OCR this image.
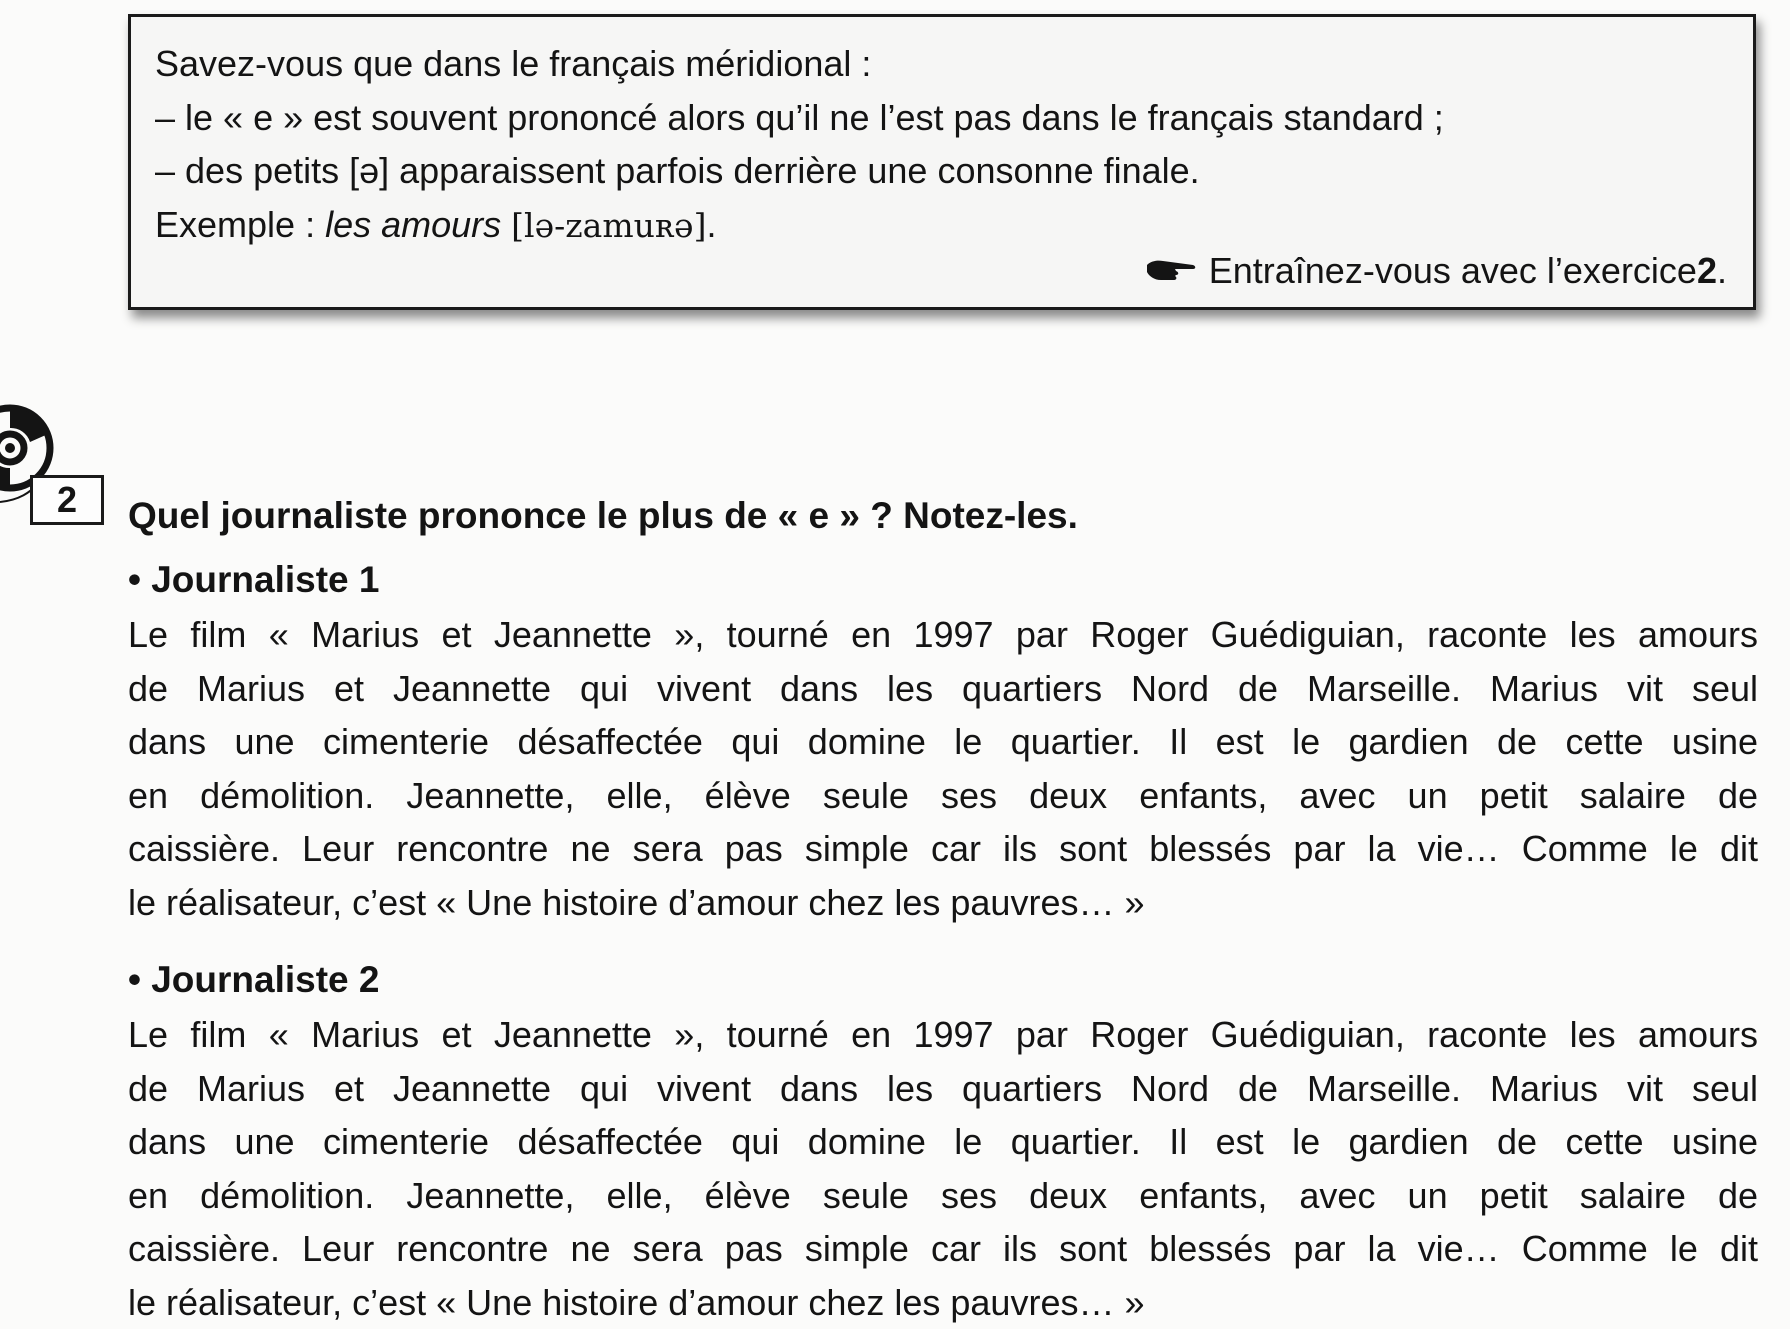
Savez-vous que dans le français méridional :
– le « e » est souvent prononcé alors qu’il ne l’est pas dans le français standard ;
– des petits [ə] apparaissent parfois derrière une consonne finale.
Exemple : les amours [lə-zamuʀə].
Entraînez-vous avec l’exercice 2 .
2	Quel journaliste prononce le plus de « e » ? Notez-les.
• Journaliste 1
Le film « Marius et Jeannette », tourné en 1997 par Roger Guédiguian, raconte les amours
de Marius et Jeannette qui vivent dans les quartiers Nord de Marseille. Marius vit seul
dans une cimenterie désaffectée qui domine le quartier. Il est le gardien de cette usine
en démolition. Jeannette, elle, élève seule ses deux enfants, avec un petit salaire de
caissière. Leur rencontre ne sera pas simple car ils sont blessés par la vie… Comme le dit
le réalisateur, c’est « Une histoire d’amour chez les pauvres… »
• Journaliste 2
Le film « Marius et Jeannette », tourné en 1997 par Roger Guédiguian, raconte les amours
de Marius et Jeannette qui vivent dans les quartiers Nord de Marseille. Marius vit seul
dans une cimenterie désaffectée qui domine le quartier. Il est le gardien de cette usine
en démolition. Jeannette, elle, élève seule ses deux enfants, avec un petit salaire de
caissière. Leur rencontre ne sera pas simple car ils sont blessés par la vie… Comme le dit
le réalisateur, c’est « Une histoire d’amour chez les pauvres… »
